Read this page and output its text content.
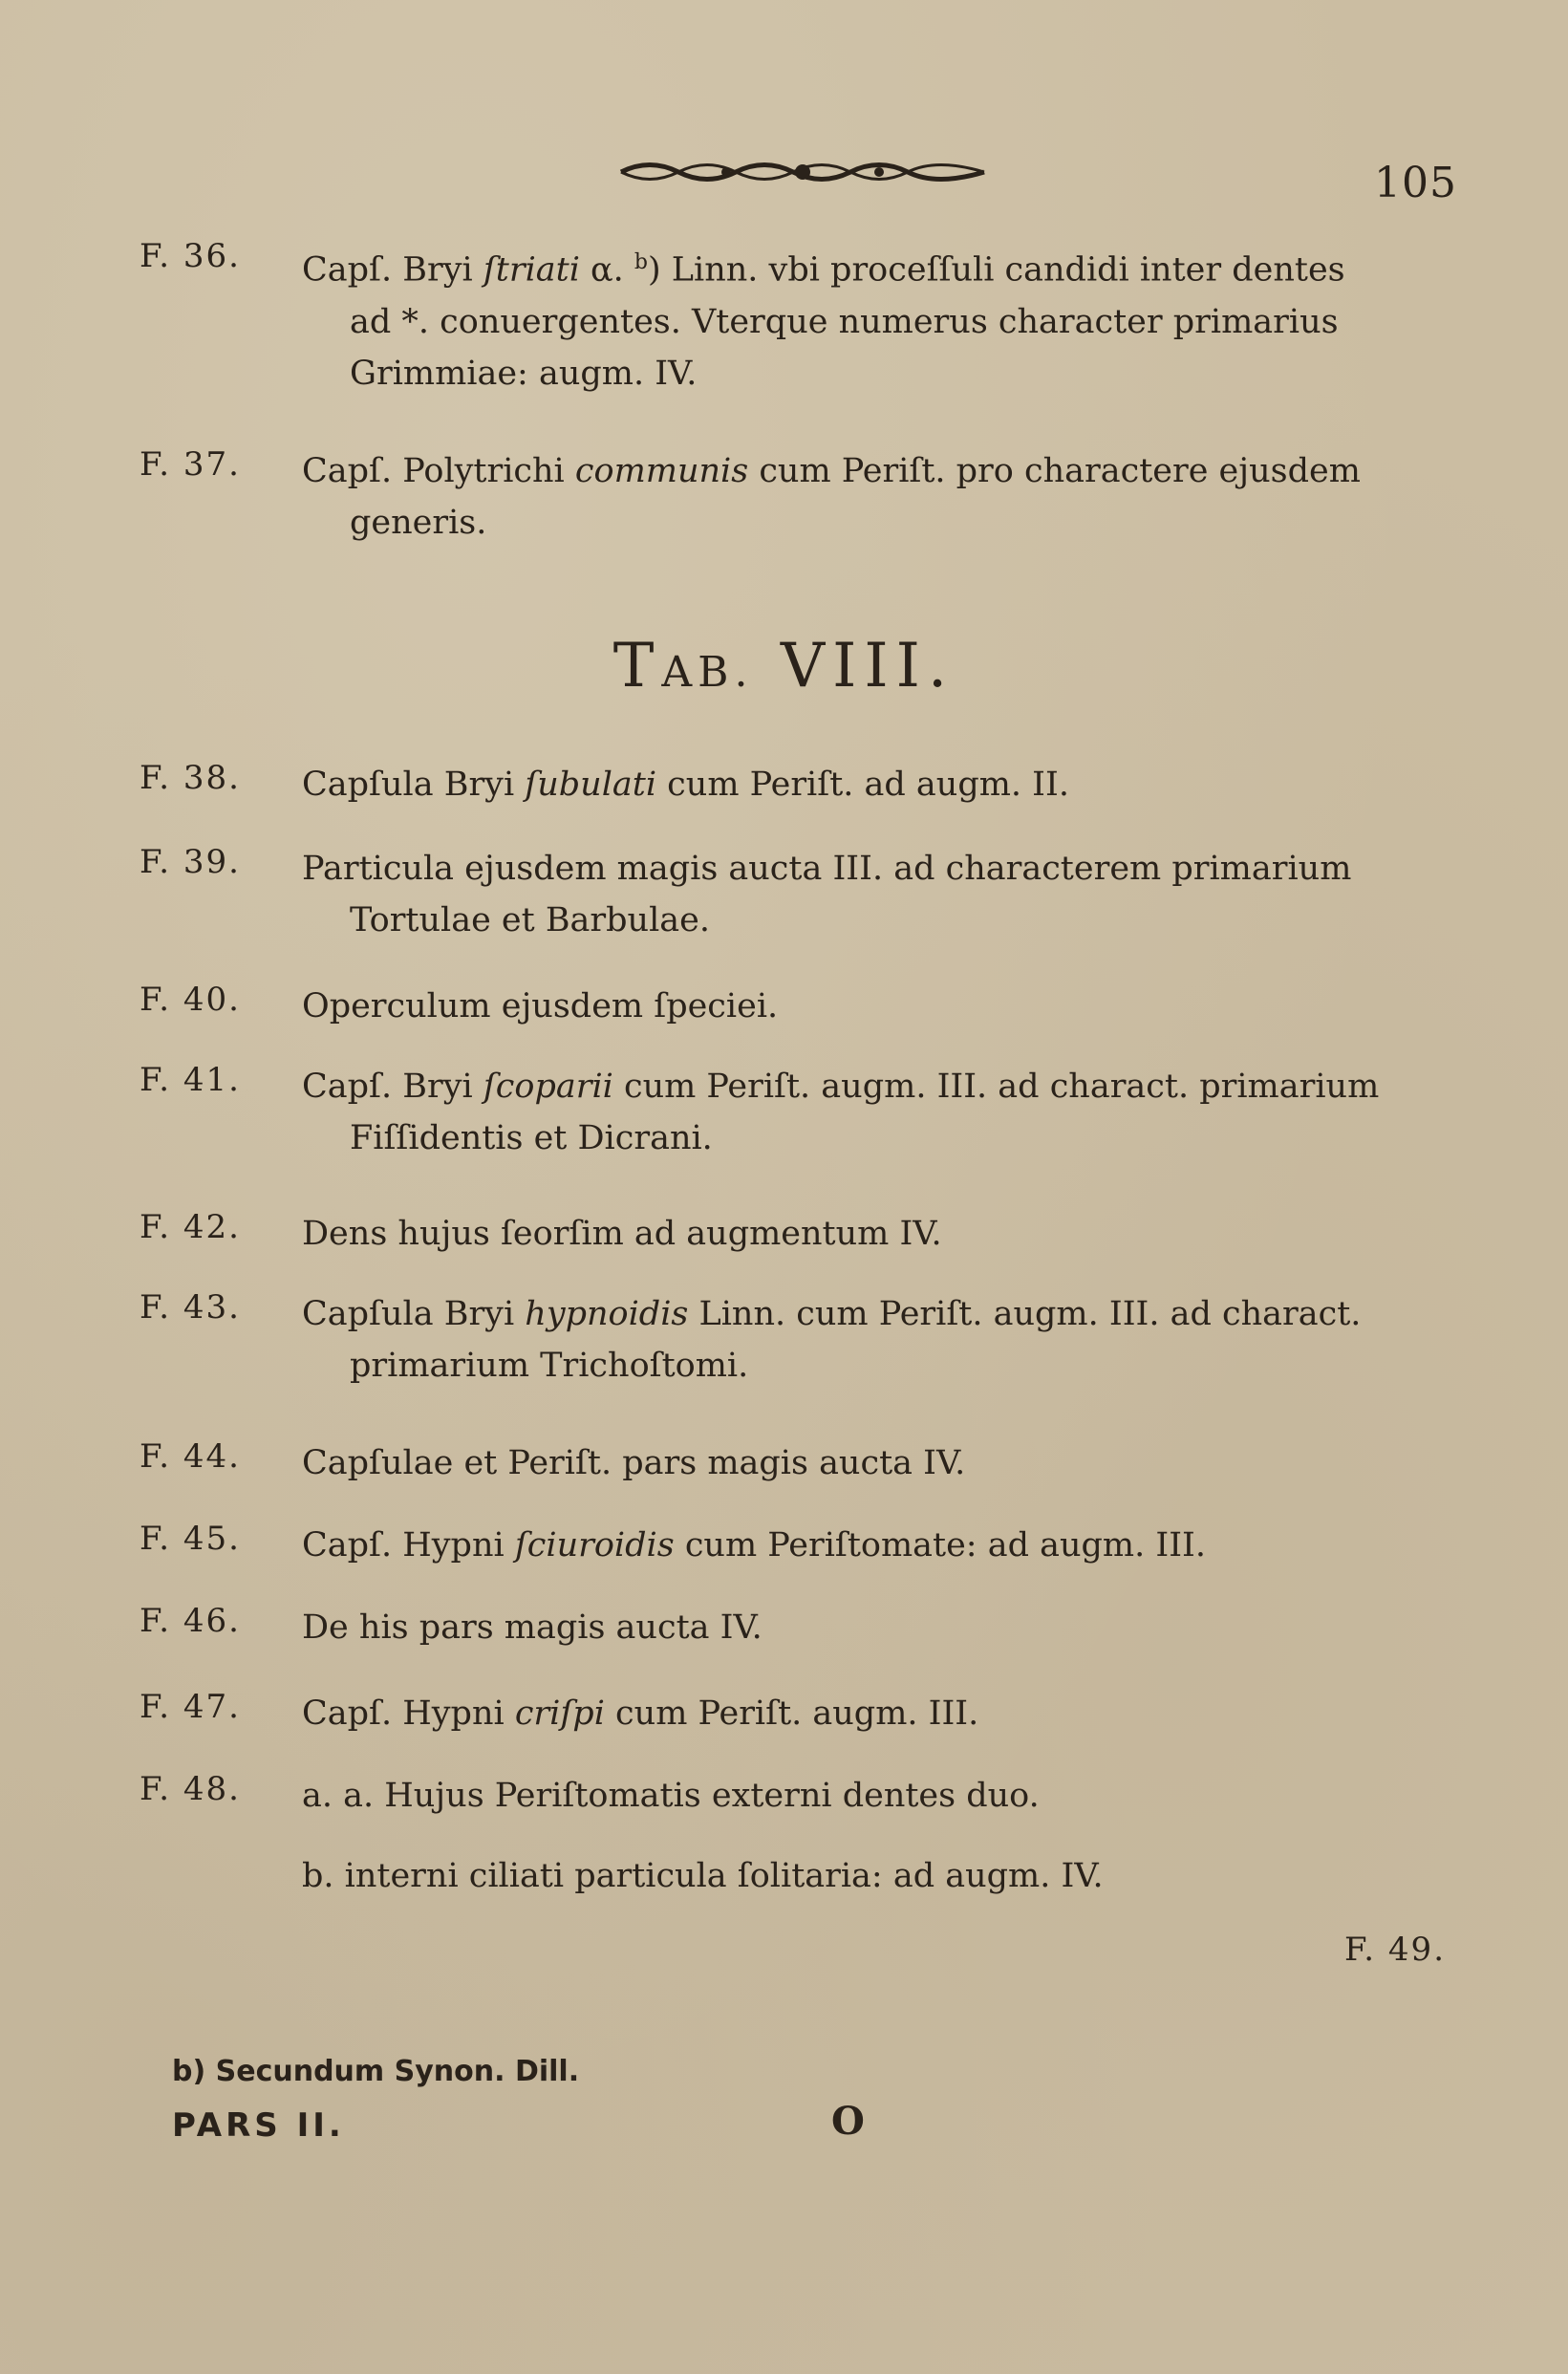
105
F. 36. Capſ. Bryi ſtriati α. $^b$) Linn. vbi proceſſuli candidi inter dentes
ad *. conuergentes. Vterque numerus character primarius
Grimmiae: augm. IV.
F. 37. Capſ. Polytrichi communis cum Periſt. pro charactere ejusdem
generis.
TAB. VIII.
F. 38. Capſula Bryi ſubulati cum Periſt. ad augm. II.
F. 39. Particula ejusdem magis aucta III. ad characterem primarium
Tortulae et Barbulae.
F. 40. Operculum ejusdem ſpeciei.
F. 41. Capſ. Bryi ſcoparii cum Periſt. augm. III. ad charact. primarium
Fiſſidentis et Dicrani.
F. 42. Dens hujus ſeorſim ad augmentum IV.
F. 43. Capſula Bryi hypnoidis Linn. cum Periſt. augm. III. ad charact.
primarium Trichoſtomi.
F. 44. Capſulae et Periſt. pars magis aucta IV.
F. 45. Capſ. Hypni ſciuroidis cum Periſtomate: ad augm. III.
F. 46. De his pars magis aucta IV.
F. 47. Capſ. Hypni criſpi cum Periſt. augm. III.
F. 48. a. a. Hujus Periſtomatis externi dentes duo.
b. interni ciliati particula ſolitaria: ad augm. IV.
F. 49.
b) Secundum Synon. Dill.
PARS II.	O
